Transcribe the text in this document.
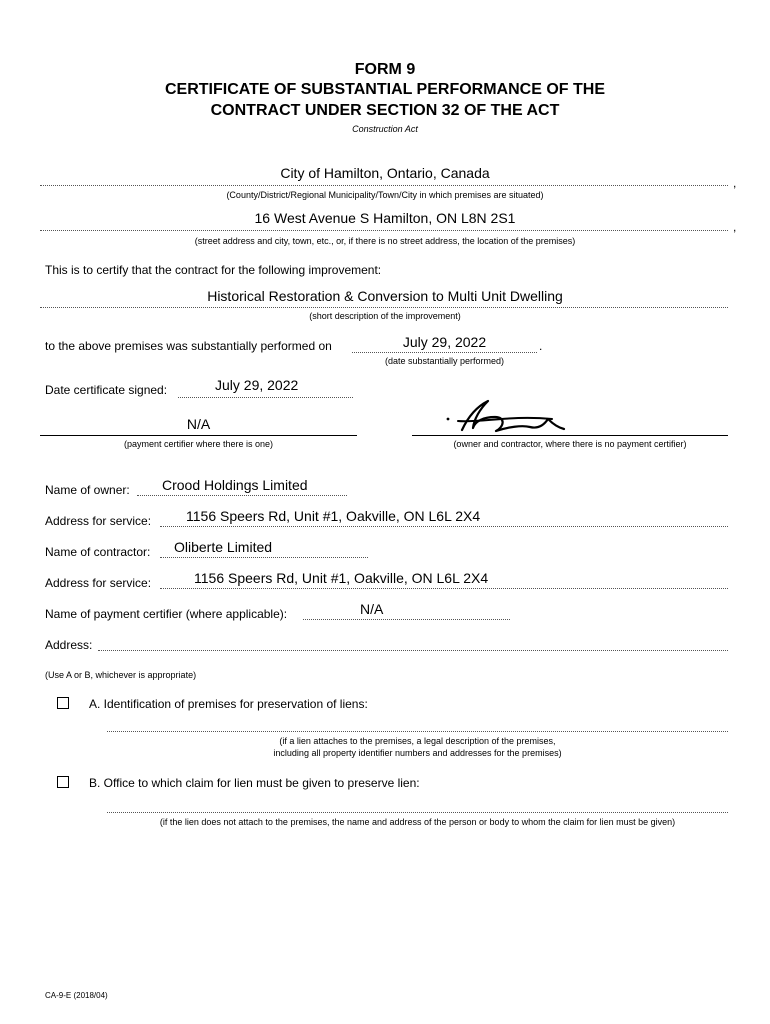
FORM 9
CERTIFICATE OF SUBSTANTIAL PERFORMANCE OF THE
CONTRACT UNDER SECTION 32 OF THE ACT
Construction Act
City of Hamilton, Ontario, Canada
,
(County/District/Regional Municipality/Town/City in which premises are situated)
16 West Avenue S Hamilton, ON L8N 2S1
,
(street address and city, town, etc., or, if there is no street address, the location of the premises)
This is to certify that the contract for the following improvement:
Historical Restoration & Conversion to Multi Unit Dwelling
(short description of the improvement)
to the above premises was substantially performed on	July 29, 2022	.
(date substantially performed)
Date certificate signed:	July 29, 2022
N/A
(payment certifier where there is one)	(owner and contractor, where there is no payment certifier)
Name of owner: Crood Holdings Limited
Address for service: 1156 Speers Rd, Unit #1, Oakville, ON L6L 2X4
Name of contractor: Oliberte Limited
Address for service:	1156 Speers Rd, Unit #1, Oakville, ON L6L 2X4
Name of payment certifier (where applicable):	N/A
Address:
(Use A or B, whichever is appropriate)
A. Identification of premises for preservation of liens:
(if a lien attaches to the premises, a legal description of the premises,
including all property identifier numbers and addresses for the premises)
B. Office to which claim for lien must be given to preserve lien:
(if the lien does not attach to the premises, the name and address of the person or body to whom the claim for lien must be given)
CA-9-E (2018/04)
